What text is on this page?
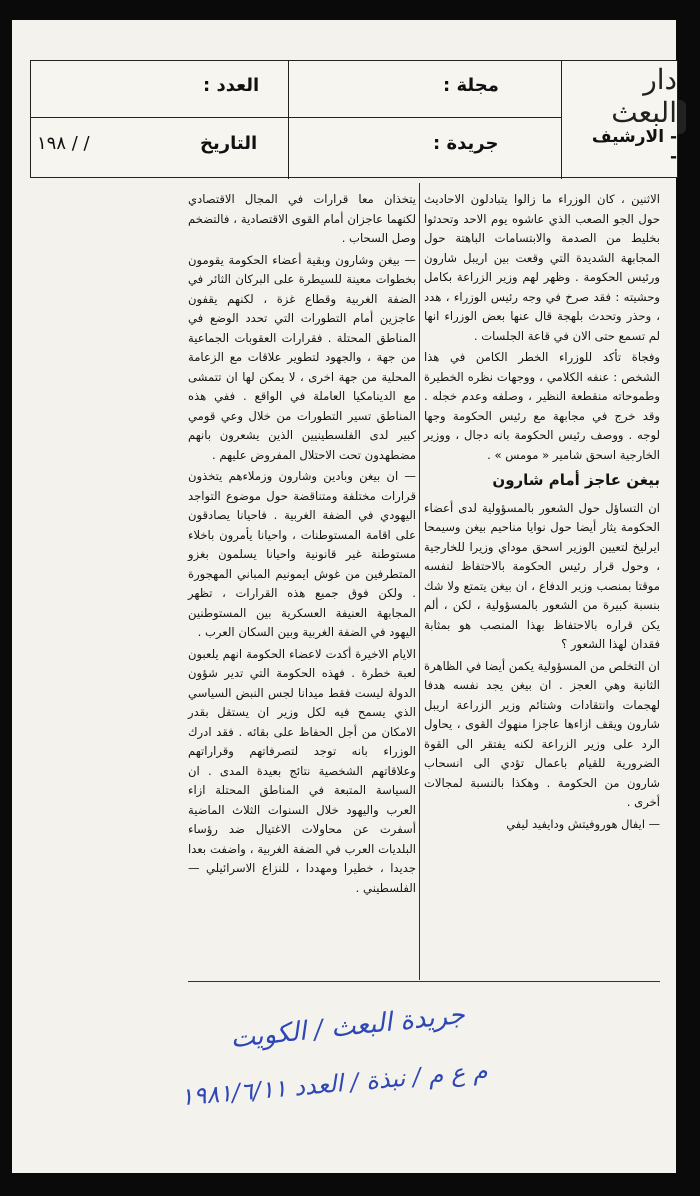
العدد :	مجلة :
التاريخ
١٩٨ / /	جريدة :
دار البعث
- الارشيف -

الاثنين ، كان الوزراء ما زالوا يتبادلون الاحاديث حول الجو الصعب الذي عاشوه يوم الاحد وتحدثوا بخليط من الصدمة والابتسامات الباهتة حول المجابهة الشديدة التي وقعت بين اريبل شارون ورئيس الحكومة . وظهر لهم وزير الزراعة بكامل وحشيته : فقد صرخ في وجه رئيس الوزراء ، هدد ، وحذر وتحدث بلهجة قال عنها بعض الوزراء انها لم تسمع حتى الان في قاعة الجلسات .

وفجاة تأكد للوزراء الخطر الكامن في هذا الشخص : عنفه الكلامي ، ووجهات نظره الخطيرة وطموحاته منقطعة النظير ، وصلفه وعدم خجله . وقد خرج في مجابهة مع رئيس الحكومة وجها لوجه . ووصف رئيس الحكومة بانه دجال ، ووزير الخارجية اسحق شامير « مومس » .

بيغن عاجز أمام شارون

ان التساؤل حول الشعور بالمسؤولية لدى أعضاء الحكومة يثار أيضا حول نوايا مناحيم بيغن وسيمحا ايرليخ لتعيين الوزير اسحق موداي وزيرا للخارجية ، وحول قرار رئيس الحكومة بالاحتفاظ لنفسه موقتا بمنصب وزير الدفاع ، ان بيغن يتمتع ولا شك بنسبة كبيرة من الشعور بالمسؤولية ، لكن ، ألم يكن قراره بالاحتفاظ بهذا المنصب هو بمثابة فقدان لهذا الشعور ؟

ان التخلص من المسؤولية يكمن أيضا في الظاهرة الثانية وهي العجز . ان بيغن يجد نفسه هدفا لهجمات وانتقادات وشتائم وزير الزراعة اريبل شارون ويقف ازاءها عاجزا منهوك القوى ، يحاول الرد على وزير الزراعة لكنه يفتقر الى القوة الضرورية للقيام باعمال تؤدي الى انسحاب شارون من الحكومة . وهكذا بالنسبة لمجالات أخرى .

— ايفال هوروفيتش ودايفيد ليفي

يتخذان معا قرارات في المجال الاقتصادي لكنهما عاجزان أمام القوى الاقتصادية ، فالتضخم وصل السحاب .

— بيغن وشارون وبقية أعضاء الحكومة يقومون بخطوات معينة للسيطرة على البركان الثائر في الضفة الغربية وقطاع غزة ، لكنهم يقفون عاجزين أمام التطورات التي تحدد الوضع في المناطق المحتلة . فقرارات العقوبات الجماعية من جهة ، والجهود لتطوير علاقات مع الزعامة المحلية من جهة اخرى ، لا يمكن لها ان تتمشى مع الدينامكيا العاملة في الواقع . ففي هذه المناطق تسير التطورات من خلال وعي قومي كبير لدى الفلسطينيين الذين يشعرون بانهم مضطهدون تحت الاحتلال المفروض عليهم .

— ان بيغن وبادين وشارون وزملاءهم يتخذون قرارات مختلفة ومتناقضة حول موضوع التواجد اليهودي في الضفة الغربية . فاحيانا يصادقون على اقامة المستوطنات ، واحيانا يأمرون باخلاء مستوطنة غير قانونية واحيانا يسلمون بغزو المتطرفين من غوش ايمونيم المباني المهجورة . ولكن فوق جميع هذه القرارات ، تظهر المجابهة العنيفة العسكرية بين المستوطنين اليهود في الضفة الغربية وبين السكان العرب .

الايام الاخيرة أكدت لاعضاء الحكومة انهم يلعبون لعبة خطرة . فهذه الحكومة التي تدير شؤون الدولة ليست فقط ميدانا لجس النبض السياسي الذي يسمح فيه لكل وزير ان يستقل بقدر الامكان من أجل الحفاظ على بقائه . فقد ادرك الوزراء بانه توجد لتصرفاتهم وقراراتهم وعلاقاتهم الشخصية نتائج بعيدة المدى . ان السياسة المتبعة في المناطق المحتلة ازاء العرب واليهود خلال السنوات الثلاث الماضية أسفرت عن محاولات الاغتيال ضد رؤساء البلديات العرب في الضفة الغربية ، واضفت بعدا جديدا ، خطيرا ومهددا ، للنزاع الاسرائيلي — الفلسطيني .

جريدة البعث / الكويت
م ع م / نبذة / العدد ١٩٨١/٦/١١
